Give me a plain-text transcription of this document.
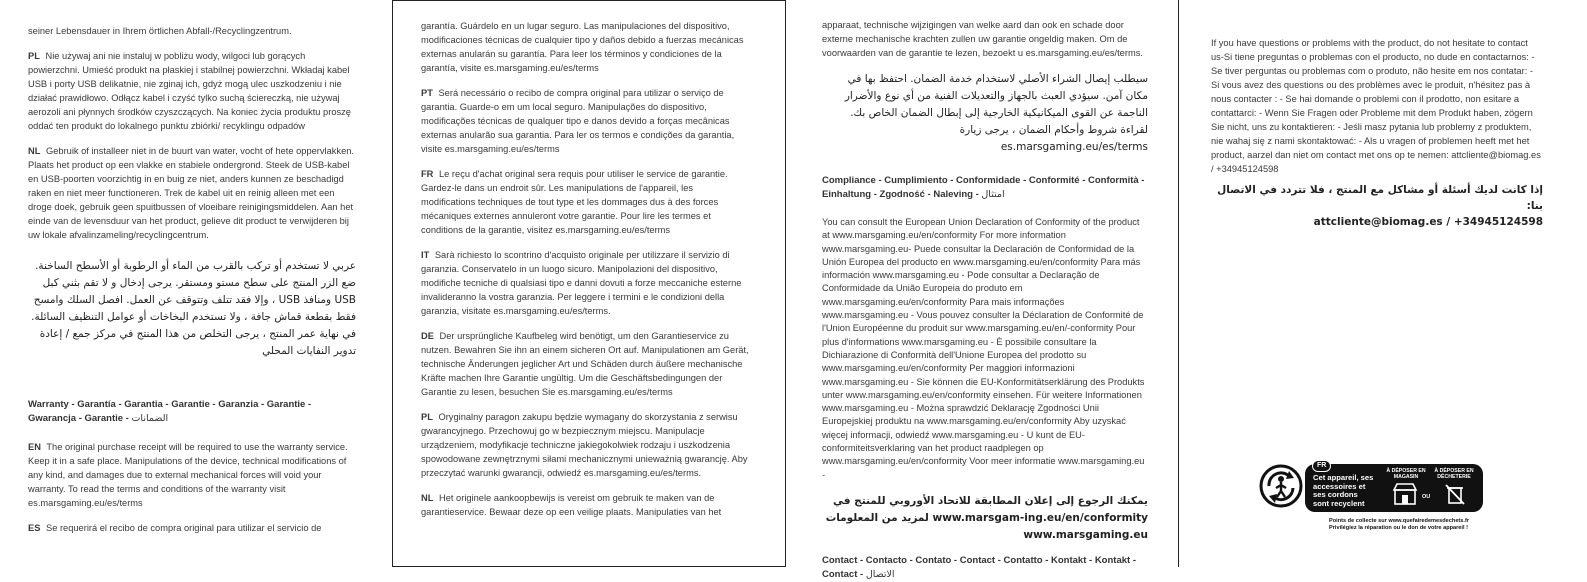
seiner Lebensdauer in Ihrem örtlichen Abfall-/Recyclingzentrum.

PL Nie używaj ani nie instaluj w pobliżu wody, wilgoci lub gorących powierzchni. Umieść produkt na płaskiej i stabilnej powierzchni. Wkładaj kabel USB i porty USB delikatnie, nie zginaj ich, gdyż mogą ulec uszkodzeniu i nie działać prawidłowo. Odłącz kabel i czyść tylko suchą ściereczką, nie używaj aerozoli ani płynnych środków czyszczących. Na koniec życia produktu proszę oddać ten produkt do lokalnego punktu zbiórki/ recyklingu odpadów

NL Gebruik of installeer niet in de buurt van water, vocht of hete oppervlakken. Plaats het product op een vlakke en stabiele ondergrond. Steek de USB-kabel en USB-poorten voorzichtig in en buig ze niet, anders kunnen ze beschadigd raken en niet meer functioneren. Trek de kabel uit en reinig alleen met een droge doek, gebruik geen spuitbussen of vloeibare reinigingsmiddelen. Aan het einde van de levensduur van het product, gelieve dit product te verwijderen bij uw lokale afvalinzameling/recyclingcentrum.

عربي لا تستخدم أو تركب بالقرب من الماء أو الرطوبة أو الأسطح الساخنة. ضع الزر المنتج على سطح مستو ومستقر. يرجى إدخال و لا تقم بثني كبل USB ومنافذ USB ، وإلا فقد تتلف وتتوقف عن العمل. افصل السلك وامسح فقط بقطعة قماش جافة ، ولا تستخدم البخاخات أو عوامل التنظيف السائلة. في نهاية عمر المنتج ، يرجى التخلص من هذا المنتج في مركز جمع / إعادة تدوير النفايات المحلي

Warranty - Garantía - Garantia - Garantie - Garanzia - Garantie - Gwarancja - Garantie - الضمانات

EN The original purchase receipt will be required to use the warranty service. Keep it in a safe place. Manipulations of the device, technical modifications of any kind, and damages due to external mechanical forces will void your warranty. To read the terms and conditions of the warranty visit es.marsgaming.eu/es/terms

ES Se requerirá el recibo de compra original para utilizar el servicio de

garantía. Guárdelo en un lugar seguro. Las manipulaciones del dispositivo, modificaciones técnicas de cualquier tipo y daños debido a fuerzas mecánicas externas anularán su garantía. Para leer los términos y condiciones de la garantía, visite es.marsgaming.eu/es/terms

PT Será necessário o recibo de compra original para utilizar o serviço de garantia. Guarde-o em um local seguro. Manipulações do dispositivo, modificações técnicas de qualquer tipo e danos devido a forças mecânicas externas anularão sua garantia. Para ler os termos e condições da garantia, visite es.marsgaming.eu/es/terms

FR Le reçu d'achat original sera requis pour utiliser le service de garantie. Gardez-le dans un endroit sûr. Les manipulations de l'appareil, les modifications techniques de tout type et les dommages dus à des forces mécaniques externes annuleront votre garantie. Pour lire les termes et conditions de la garantie, visitez es.marsgaming.eu/es/terms

IT Sarà richiesto lo scontrino d'acquisto originale per utilizzare il servizio di garanzia. Conservatelo in un luogo sicuro. Manipolazioni del dispositivo, modifiche tecniche di qualsiasi tipo e danni dovuti a forze meccaniche esterne invalideranno la vostra garanzia. Per leggere i termini e le condizioni della garanzia, visitate es.marsgaming.eu/es/terms.

DE Der ursprüngliche Kaufbeleg wird benötigt, um den Garantieservice zu nutzen. Bewahren Sie ihn an einem sicheren Ort auf. Manipulationen am Gerät, technische Änderungen jeglicher Art und Schäden durch äußere mechanische Kräfte machen Ihre Garantie ungültig. Um die Geschäftsbedingungen der Garantie zu lesen, besuchen Sie es.marsgaming.eu/es/terms

PL Oryginalny paragon zakupu będzie wymagany do skorzystania z serwisu gwarancyjnego. Przechowuj go w bezpiecznym miejscu. Manipulacje urządzeniem, modyfikacje techniczne jakiegokolwiek rodzaju i uszkodzenia spowodowane zewnętrznymi siłami mechanicznymi unieważnią gwarancję. Aby przeczytać warunki gwarancji, odwiedź es.marsgaming.eu/es/terms.

NL Het originele aankoopbewijs is vereist om gebruik te maken van de garantieservice. Bewaar deze op een veilige plaats. Manipulaties van het

apparaat, technische wijzigingen van welke aard dan ook en schade door externe mechanische krachten zullen uw garantie ongeldig maken. Om de voorwaarden van de garantie te lezen, bezoekt u es.marsgaming.eu/es/terms.

سيطلب إيصال الشراء الأصلي لاستخدام خدمة الضمان. احتفظ بها في مكان آمن. سيؤدي العبث بالجهاز والتعديلات الفنية من أي نوع والأضرار الناجمة عن القوى الميكانيكية الخارجية إلى إبطال الضمان الخاص بك. لقراءة شروط وأحكام الضمان ، يرجى زيارة es.marsgaming.eu/es/terms

Compliance - Cumplimiento - Conformidade - Conformité - Conformità - Einhaltung - Zgodność - Naleving - امتثال

You can consult the European Union Declaration of Conformity of the product at www.marsgaming.eu/en/conformity For more information www.marsgaming.eu- Puede consultar la Declaración de Conformidad de la Unión Europea del producto en www.marsgaming.eu/en/conformity Para más información www.marsgaming.eu - Pode consultar a Declaração de Conformidade da União Europeia do produto em www.marsgaming.eu/en/conformity Para mais informações www.marsgaming.eu - Vous pouvez consulter la Déclaration de Conformité de l'Union Européenne du produit sur www.marsgaming.eu/en/-conformity Pour plus d'informations www.marsgaming.eu - È possibile consultare la Dichiarazione di Conformità dell'Unione Europea del prodotto su www.marsgaming.eu/en/conformity Per maggiori informazioni www.marsgaming.eu - Sie können die EU-Konformitätserklärung des Produkts unter www.marsgaming.eu/en/conformity einsehen. Für weitere Informationen www.marsgaming.eu - Można sprawdzić Deklarację Zgodności Unii Europejskiej produktu na www.marsgaming.eu/en/conformity Aby uzyskać więcej informacji, odwiedź www.marsgaming.eu - U kunt de EU-conformiteitsverklaring van het product raadplegen op www.marsgaming.eu/en/conformity Voor meer informatie www.marsgaming.eu -

يمكنك الرجوع إلى إعلان المطابقة للاتحاد الأوروبي للمنتج في www.marsgam-ing.eu/en/conformity لمزيد من المعلومات www.marsgaming.eu

Contact - Contacto - Contato - Contact - Contatto - Kontakt - Kontakt - Contact - الاتصال

If you have questions or problems with the product, do not hesitate to contact us-Si tiene preguntas o problemas con el producto, no dude en contactarnos: - Se tiver perguntas ou problemas com o produto, não hesite em nos contatar: - Si vous avez des questions ou des problèmes avec le produit, n'hésitez pas à nous contacter : - Se hai domande o problemi con il prodotto, non esitare a contattarci: - Wenn Sie Fragen oder Probleme mit dem Produkt haben, zögern Sie nicht, uns zu kontaktieren: - Jeśli masz pytania lub problemy z produktem, nie wahaj się z nami skontaktować: - Als u vragen of problemen heeft met het product, aarzel dan niet om contact met ons op te nemen: attcliente@biomag.es / +34945124598

إذا كانت لديك أسئلة أو مشاكل مع المنتج ، فلا تتردد في الاتصال بنا:

attcliente@biomag.es / +34945124598

FR
Cet appareil, ses accessoires et ses cordons sont recyclent
À DÉPOSER EN MAGASIN
À DÉPOSER EN DÉCHETERIE
OU
Points de collecte sur www.quefairedemesdechets.fr
Privilégiez la réparation ou le don de votre appareil !
